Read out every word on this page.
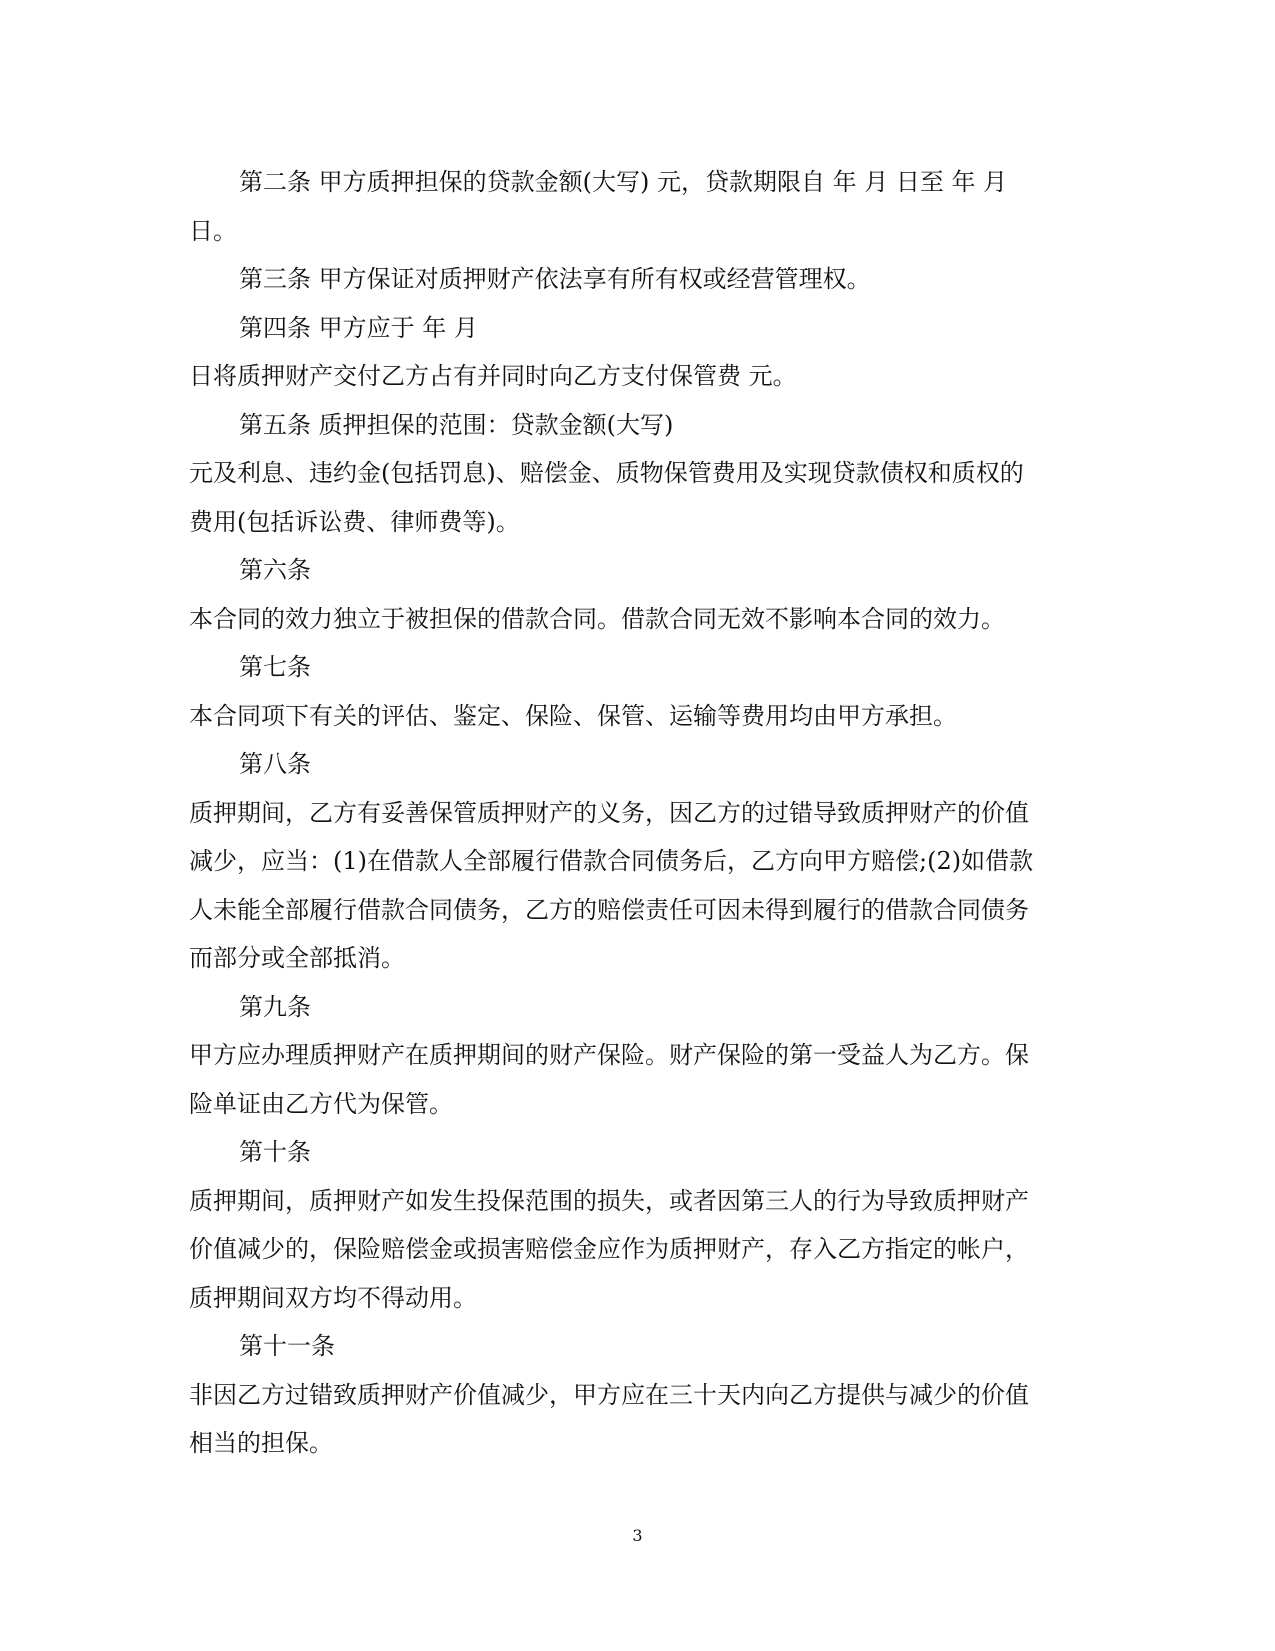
第二条 甲方质押担保的贷款金额(大写) 元，贷款期限自 年 月 日至 年 月
日。
第三条 甲方保证对质押财产依法享有所有权或经营管理权。
第四条 甲方应于 年 月
日将质押财产交付乙方占有并同时向乙方支付保管费 元。
第五条 质押担保的范围：贷款金额(大写)
元及利息、违约金(包括罚息)、赔偿金、质物保管费用及实现贷款债权和质权的
费用(包括诉讼费、律师费等)。
第六条
本合同的效力独立于被担保的借款合同。借款合同无效不影响本合同的效力。
第七条
本合同项下有关的评估、鉴定、保险、保管、运输等费用均由甲方承担。
第八条
质押期间，乙方有妥善保管质押财产的义务，因乙方的过错导致质押财产的价值
减少，应当：(1)在借款人全部履行借款合同债务后，乙方向甲方赔偿;(2)如借款
人未能全部履行借款合同债务，乙方的赔偿责任可因未得到履行的借款合同债务
而部分或全部抵消。
第九条
甲方应办理质押财产在质押期间的财产保险。财产保险的第一受益人为乙方。保
险单证由乙方代为保管。
第十条
质押期间，质押财产如发生投保范围的损失，或者因第三人的行为导致质押财产
价值减少的，保险赔偿金或损害赔偿金应作为质押财产，存入乙方指定的帐户，
质押期间双方均不得动用。
第十一条
非因乙方过错致质押财产价值减少，甲方应在三十天内向乙方提供与减少的价值
相当的担保。
3
